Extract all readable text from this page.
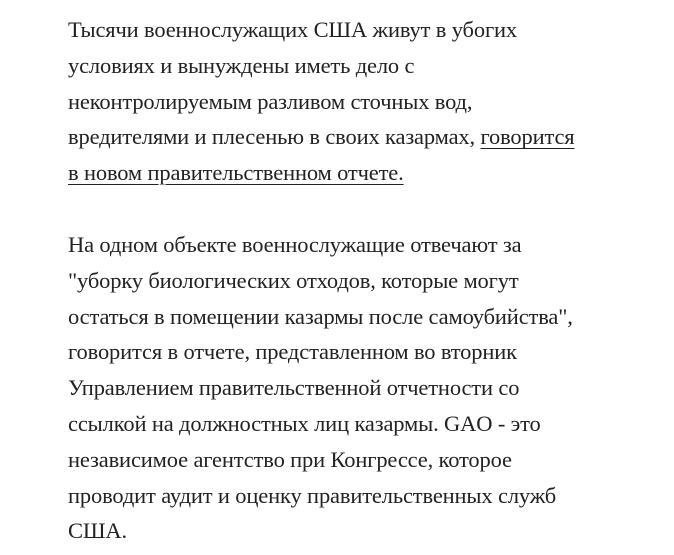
Тысячи военнослужащих США живут в убогих
условиях и вынуждены иметь дело с
неконтролируемым разливом сточных вод,
вредителями и плесенью в своих казармах, говорится
в новом правительственном отчете.

На одном объекте военнослужащие отвечают за
"уборку биологических отходов, которые могут
остаться в помещении казармы после самоубийства",
говорится в отчете, представленном во вторник
Управлением правительственной отчетности со
ссылкой на должностных лиц казармы. GAO - это
независимое агентство при Конгрессе, которое
проводит аудит и оценку правительственных служб
США.
